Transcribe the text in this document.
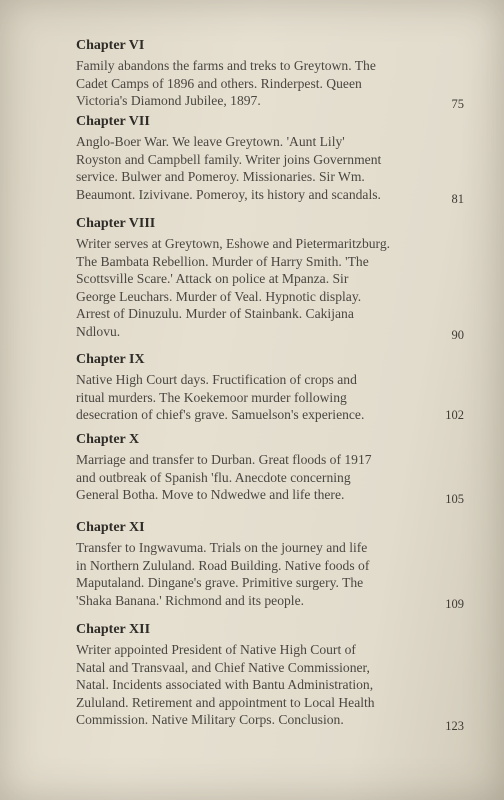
Chapter VI
Family abandons the farms and treks to Greytown. The
Cadet Camps of 1896 and others. Rinderpest. Queen
Victoria's Diamond Jubilee, 1897.	75
Chapter VII
Anglo-Boer War. We leave Greytown. 'Aunt Lily'
Royston and Campbell family. Writer joins Government
service. Bulwer and Pomeroy. Missionaries. Sir Wm.
Beaumont. Izivivane. Pomeroy, its history and scandals.	81
Chapter VIII
Writer serves at Greytown, Eshowe and Pietermaritzburg.
The Bambata Rebellion. Murder of Harry Smith. 'The
Scottsville Scare.' Attack on police at Mpanza. Sir
George Leuchars. Murder of Veal. Hypnotic display.
Arrest of Dinuzulu. Murder of Stainbank. Cakijana
Ndlovu.	90
Chapter IX
Native High Court days. Fructification of crops and
ritual murders. The Koekemoor murder following
desecration of chief's grave. Samuelson's experience.	102
Chapter X
Marriage and transfer to Durban. Great floods of 1917
and outbreak of Spanish 'flu. Anecdote concerning
General Botha. Move to Ndwedwe and life there.	105
Chapter XI
Transfer to Ingwavuma. Trials on the journey and life
in Northern Zululand. Road Building. Native foods of
Maputaland. Dingane's grave. Primitive surgery. The
'Shaka Banana.' Richmond and its people.	109
Chapter XII
Writer appointed President of Native High Court of
Natal and Transvaal, and Chief Native Commissioner,
Natal. Incidents associated with Bantu Administration,
Zululand. Retirement and appointment to Local Health
Commission. Native Military Corps. Conclusion.	123
